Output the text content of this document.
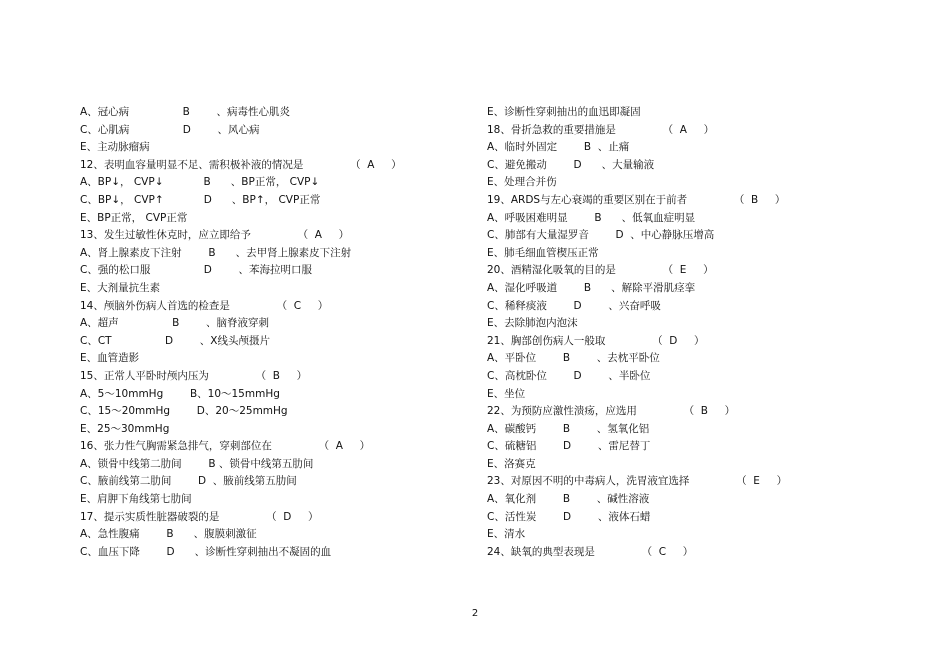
A、冠心病                B        、病毒性心肌炎
C、心肌病                D        、风心病
E、主动脉瘤病
12、表明血容量明显不足、需积极补液的情况是              （  A     ）
A、BP↓， CVP↓            B      、BP正常， CVP↓
C、BP↓， CVP↑            D      、BP↑， CVP正常
E、BP正常， CVP正常
13、发生过敏性休克时，应立即给予              （  A     ）
A、肾上腺素皮下注射        B      、去甲肾上腺素皮下注射
C、强的松口服                D        、苯海拉明口服
E、大剂量抗生素
14、颅脑外伤病人首选的检查是              （  C     ）
A、超声                B        、脑脊液穿刺
C、CT                D        、X线头颅摄片
E、血管造影
15、正常人平卧时颅内压为              （  B     ）
A、5～10mmHg        B、10～15mmHg
C、15～20mmHg        D、20～25mmHg
E、25～30mmHg
16、张力性气胸需紧急排气，穿刺部位在              （  A     ）
A、锁骨中线第二肋间        B 、锁骨中线第五肋间
C、腋前线第二肋间        D  、腋前线第五肋间
E、肩胛下角线第七肋间
17、提示实质性脏器破裂的是              （  D     ）
A、急性腹痛        B      、腹膜刺激征
C、血压下降        D      、诊断性穿刺抽出不凝固的血
E、诊断性穿刺抽出的血迅即凝固
18、骨折急救的重要措施是              （  A     ）
A、临时外固定        B  、止痛
C、避免搬动        D      、大量输液
E、处理合并伤
19、ARDS与左心衰竭的重要区别在于前者              （  B     ）
A、呼吸困难明显        B      、低氧血症明显
C、肺部有大量湿罗音        D  、中心静脉压增高
E、肺毛细血管楔压正常
20、酒精湿化吸氧的目的是              （  E     ）
A、湿化呼吸道        B      、解除平滑肌痉挛
C、稀释痰液        D        、兴奋呼吸
E、去除肺泡内泡沫
21、胸部创伤病人一般取              （  D     ）
A、平卧位        B        、去枕平卧位
C、高枕卧位        D        、半卧位
E、坐位
22、为预防应激性溃疡，应选用              （  B     ）
A、碳酸钙        B        、氢氧化铝
C、硫糖铝        D        、雷尼替丁
E、洛赛克
23、对原因不明的中毒病人，洗胃液宜选择              （  E     ）
A、氧化剂        B        、碱性溶液
C、活性炭        D        、液体石蜡
E、清水
24、缺氧的典型表现是              （  C     ）
2
